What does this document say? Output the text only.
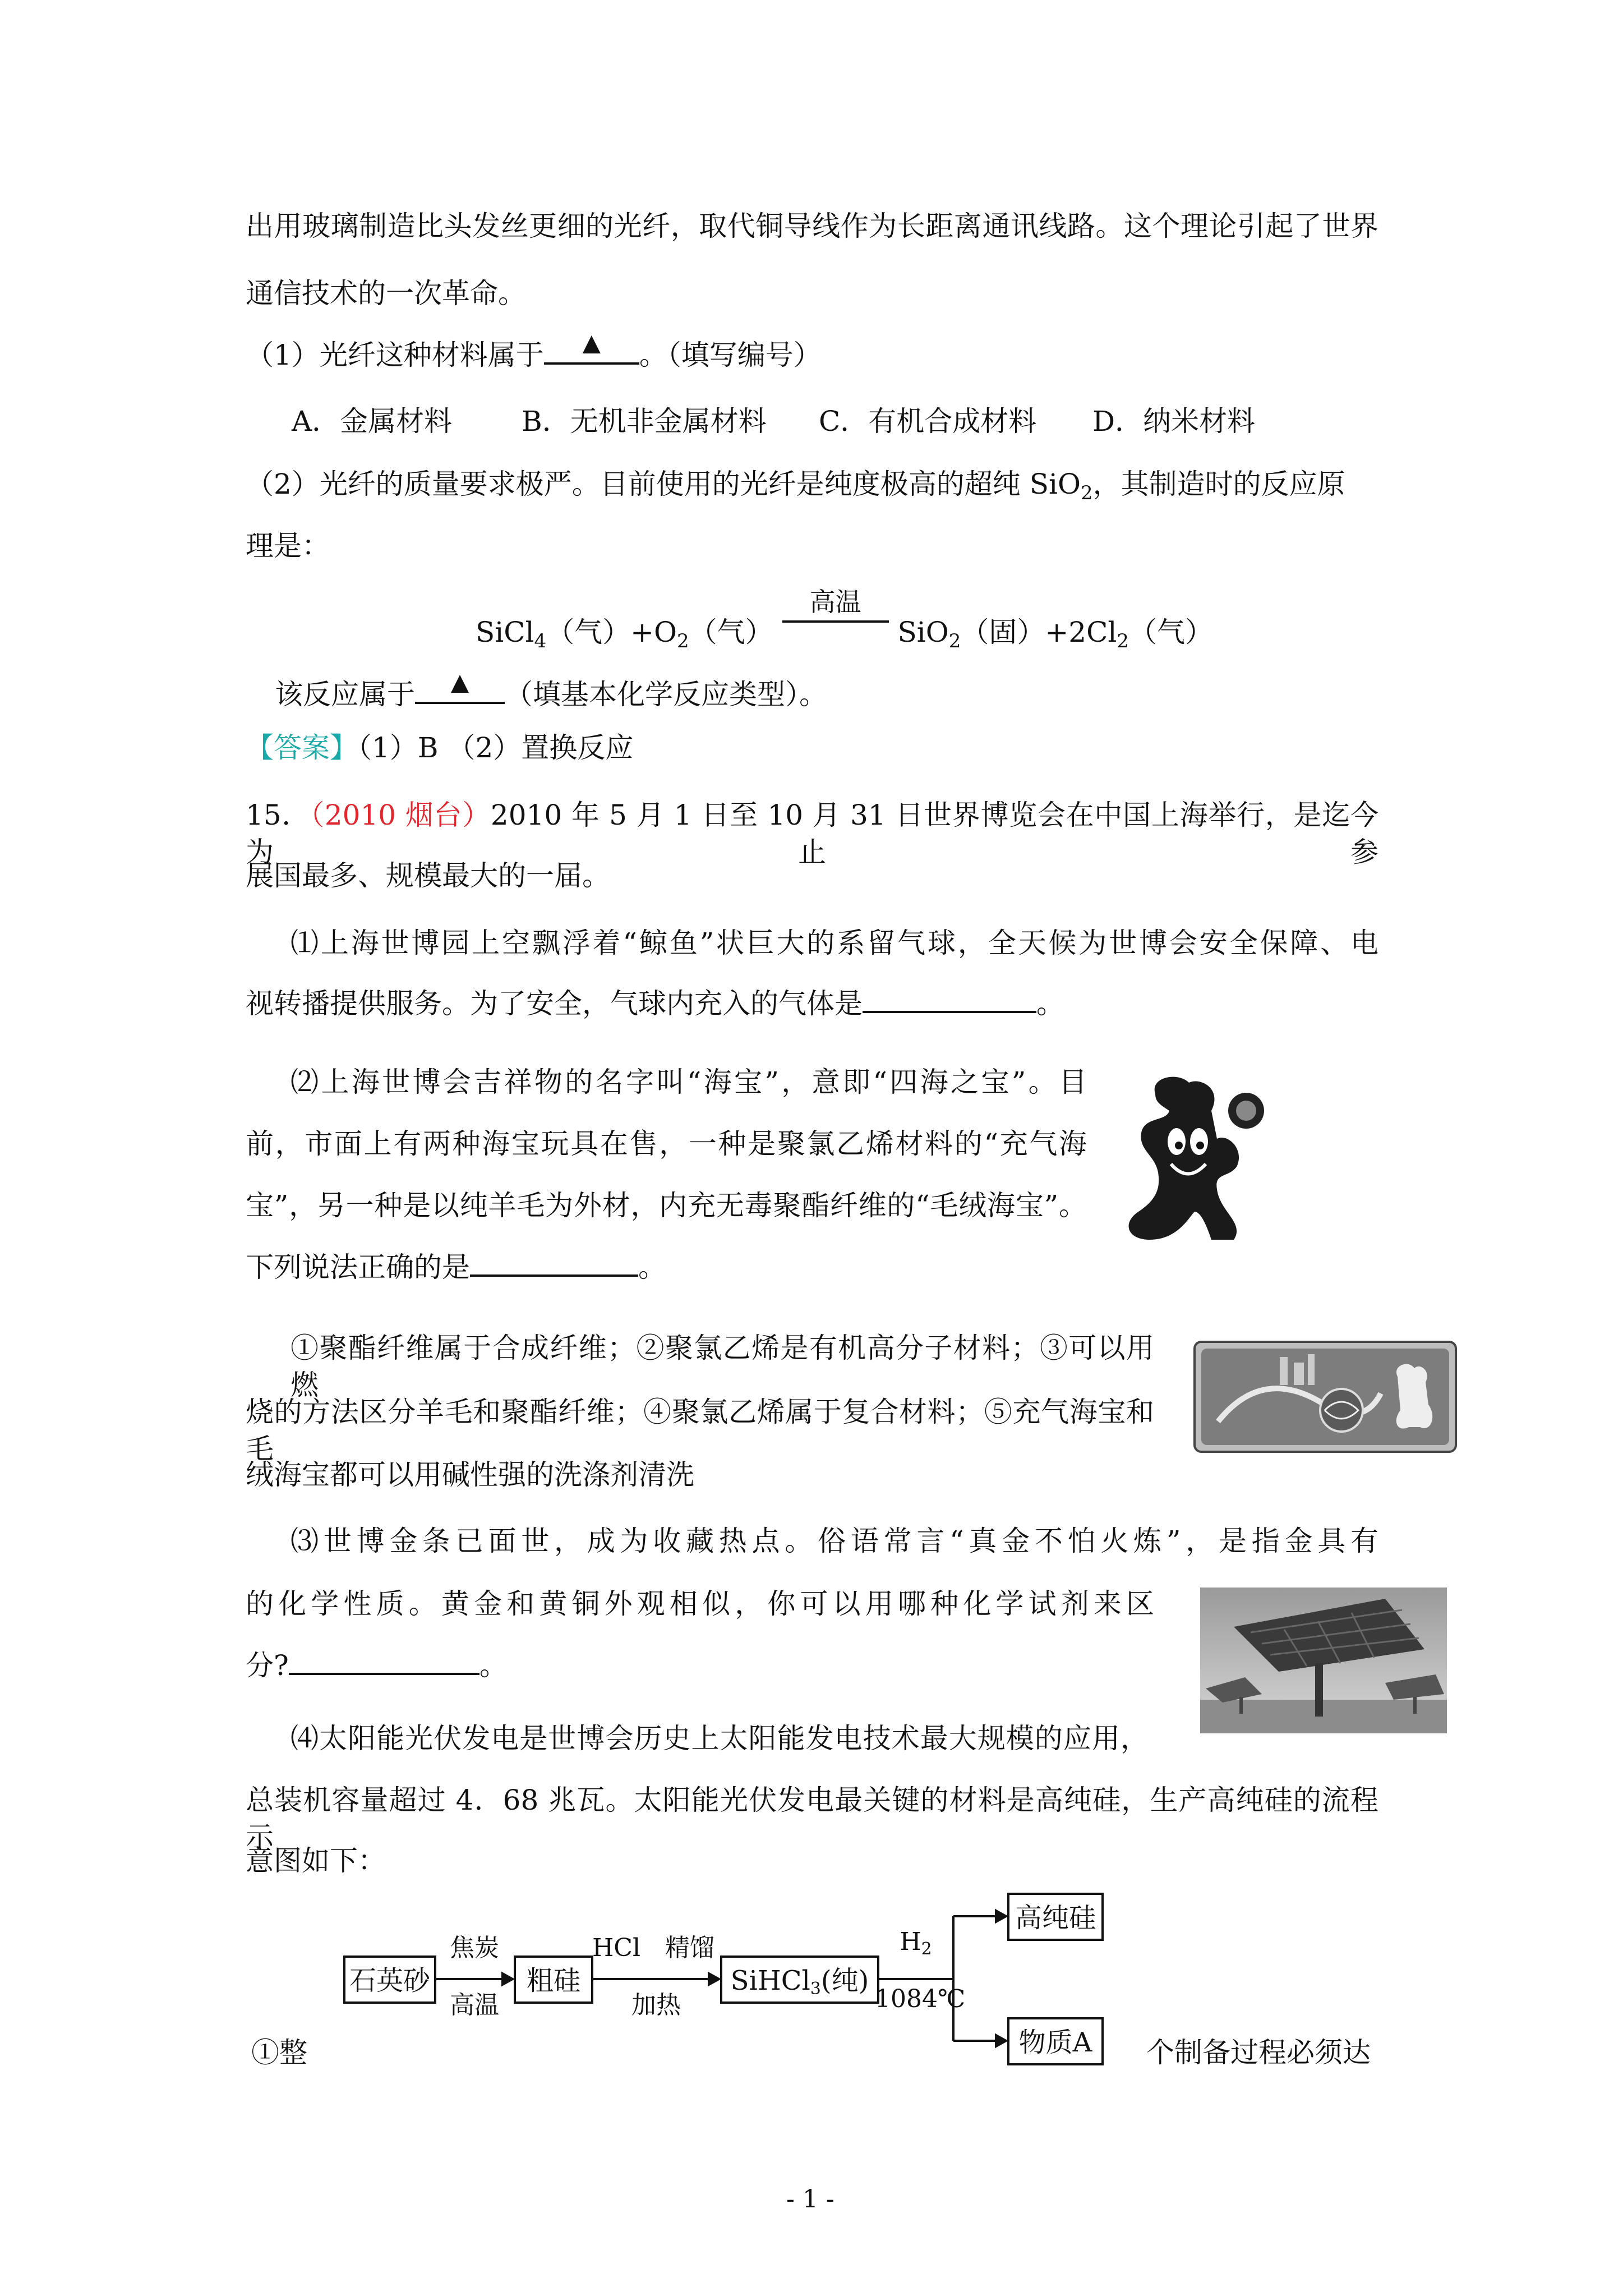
出用玻璃制造比头发丝更细的光纤，取代铜导线作为长距离通讯线路。这个理论引起了世界
通信技术的一次革命。
（1）光纤这种材料属于 ▲ 。（填写编号）
A．金属材料 B．无机非金属材料 C．有机合成材料 D．纳米材料
（2）光纤的质量要求极严。目前使用的光纤是纯度极高的超纯 SiO$_2$，其制造时的反应原
理是：
SiCl$_4$（气）$+O_2$（气）
高温
SiO$_2$（固）$+2Cl_2$（气）
该反应属于 ▲ （填基本化学反应类型）。
【答案】（1）B （2）置换反应
15．（2010 烟台）2010 年 5 月 1 日至 10 月 31 日世界博览会在中国上海举行，是迄今为止参
展国最多、规模最大的一届。
⑴上海世博园上空飘浮着“鲸鱼”状巨大的系留气球，全天候为世博会安全保障、电
视转播提供服务。为了安全，气球内充入的气体是	。
⑵上海世博会吉祥物的名字叫“海宝”，意即“四海之宝”。目
前，市面上有两种海宝玩具在售，一种是聚氯乙烯材料的“充气海
宝”，另一种是以纯羊毛为外材，内充无毒聚酯纤维的“毛绒海宝”。
下列说法正确的是	。
①聚酯纤维属于合成纤维；②聚氯乙烯是有机高分子材料；③可以用燃
烧的方法区分羊毛和聚酯纤维；④聚氯乙烯属于复合材料；⑤充气海宝和毛
绒海宝都可以用碱性强的洗涤剂清洗
⑶世博金条已面世，成为收藏热点。俗语常言“真金不怕火炼”，是指金具有
的化学性质。黄金和黄铜外观相似，你可以用哪种化学试剂来区
分?	。
⑷太阳能光伏发电是世博会历史上太阳能发电技术最大规模的应用，
总装机容量超过 4．68 兆瓦。太阳能光伏发电最关键的材料是高纯硅，生产高纯硅的流程示
意图如下：
石英砂
焦炭
高温
粗硅
HCl　精馏
加热
SiHCl3(纯)
H2
1084℃
高纯硅
物质A
①整	个制备过程必须达
- 1 -
